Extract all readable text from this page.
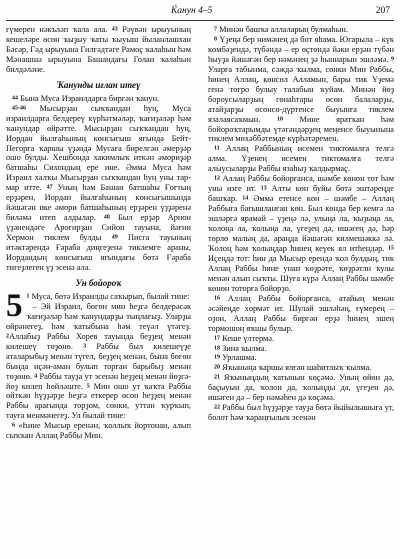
Ќанун 4–5	207

ғүмерен нәкъләп ҡала ала. 43 Рәүвән ырыуының кешеләре өсөн ҡыҙыу ҡаты ҡыуыш йыланлашхан Бәсәр, Гәд ырыуына Гилғәдтәге Рамоҫ ҡалаһын һәм Мәнашшә ырыуына Башандағы Голан ҡалаһын билдәләне.

Ҡанунды иғлан итеү

44 Бына Муса Израилдарға биргән ҡанун.

45-46 Мысырҙан сыҡҡандан һуң, Муса израилдарға белдереү күрһәтмәләр, ҡағиҙәләр һәм ҡанундар өйрәтте. Мысырҙан сыҡҡандан һуң, Иордан йылғаһының көнсығыш яғында Бейт-Пегорға ҡаршы үҙәндә Мусаға бирелгән әмерҙәр ошо булды. Хешбонда хакимлыҡ иткән әмориҙәр батшаһы Сихондың ере ине. Әммә Муса һәм Израил халҡы Мысырҙан сыҡҡандан һуң уны тар-мар итте. 47 Уның һәм Башан батшаһы Ғоғтың ерҙәрен, Иордан йылғаһының көнсығышында йәшәгән ике әмори батшаһының ерҙәрен үҙҙәренә биләмә итеп алдылар. 48 Был ерҙәр Арнон үҙәнендәге Ароғирҙан Сийон тауына, йәғни Хермон тиклем булды 49 Писга тауының итәктәрендә Ғәраба диңгеҙенә тиклемге араны, Иордандың көнсығыш яғындағы бөтә Ғәраба тигеҙлеген үҙ эсенә ала.

Ун бойороҡ

5 1 Муса, бөтә Израилды саҡырып, былай тине:

– Эй Израил, бөгөн мин һеҙгә белдерәсәк ҡағиҙәләр һәм ҡанундарҙы тыңлағыҙ. Уларҙы өйрәнегеҙ, һәм ҡатыбына һәм теүәл үтәгеҙ. 2Аллабыҙ Раббы Хорев тауында беҙҙең менән килешеү төҙөнө. 3 Раббы был килешеүҙе аталарыбыҙ менән түгел, беҙҙең менән, бына бөгөн бында иҫән-аман булып торған барыбыҙ менән төҙөнө. 4 Раббы тауҙа ут эсенән һеҙҙең менән йөҙгә-йөҙ килеп һөйләште. 5 Мин ошо ут ҡаҡта Раббы өйткән һүҙҙәрҙе һеҙгә еткерер өсөн һеҙҙең менән Раббы арағында торҙом, сөнки, уттан ҡурҡып, тауға менмәнегеҙ. Ул былай тине:

6 «Һине Мысыр еренән, ҡоллыҡ йортонан, алып сыҡҡан Аллаң Раббы Мин.

7 Минән башҡа аллаларың булмаһын.

8 Үҙеңә бер нимәнең дә бот яһама. Югарыла – күк көмбәҙендә, түбәндә – ер өҫтөндә йәки ерҙән түбән һыуҙа йәшәгән бер нәмәнең ҙә һыннарын эшләмә. 9 Уларға табынма, сәждә ҡылма, сөнки Мин Раббы, һинең Аллаң, көнсөл Алламын, бары тик Үҙемә генә тоғро булыу талабын ҡуйам. Минән йөҙ бороусыларҙың гөнаһтары өсөн балаларҙы, атайҙарҙы өсөнсө-дүртенсе быуынға тиклем язалаясаҡмын. 10 Мине яратҡан һәм бойороҡтарымды үтәгәндәрҙең меңенсе быуынына тиклем мөхәббәтемде күрһәтәремен.

11 Аллаң Раббының исемен тиктомалға телгә алма. Үҙенең исемен тиктомалға телгә алыусыларҙы Раббы язаһыҙ ҡалдырмаҫ.

12 Аллаң Раббы бойорғанса, шәмбе көнөн тот һәм уны изге ит. 13 Алты көн буйы бөтә эштәреңде башҡар. 14 Әммә етенсе көн – шәмбе – Аллаң Раббыға бағышланған көн. Был көндә бер кемгә лә эшләргә ярамай – үҙеңә лә, улыңа ла, ҡыҙыңа ла, ҡолоңа ла, ҡолыңа ла, үгеҙең дә, ишәгең дә, һәр төрлө малың да, араңда йәшәгән килмешәккә лә. Ҡолоң һәм ҡолыңдар һинең кеүек ял итһендәр. 15 Иҫеңдә тот: һин да Мысыр ерендә ҡол булдың, тик Аллаң Раббы һине унан ҡөҙрәте, ҡөҙрәтлн ҡулы менән алып сыҡты. Шуға күрә Аллаң Раббы шәмбе көнөн тоторға бойорҙо.

16 Аллаң Раббы бойорғанса, атайың менән әсәйеңде хөрмәт ит. Шулай эшләһәң, ғүмерең – оҙон, Аллаң Раббы биргән ерҙә һинең эшең тормошоң яҡшы булыр.

17 Кеше үлтермә.

18 Зина ҡылма.

19 Урлашма.

20 Яҡыныңа ҡаршы ялған шаһитлыҡ ҡылма.

21 Яҡыныңдың ҡатынын көҫәмә. Уның өйөн дә, баҫыуын да, ҡолон да, ҡолыңды да, үгеҙен дә, ишәген дә – бер нәмәһен дә көҫәмә.

22 Раббы был һүҙҙәрҙе тауҙа бөтә йыйылышыға ут, болот һәм ҡараңғылыҡ эсенән
